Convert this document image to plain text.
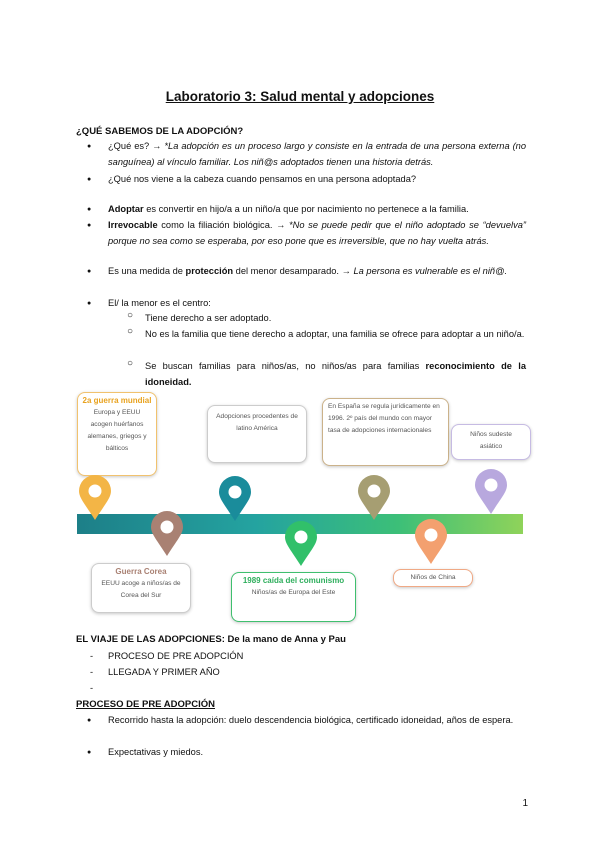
Laboratorio 3: Salud mental y adopciones
¿QUÉ SABEMOS DE LA ADOPCIÓN?
● ¿Qué es? → *La adopción es un proceso largo y consiste en la entrada de una persona externa (no sanguínea) al vínculo familiar. Los niñ@s adoptados tienen una historia detrás.
● ¿Qué nos viene a la cabeza cuando pensamos en una persona adoptada?
● Adoptar es convertir en hijo/a a un niño/a que por nacimiento no pertenece a la familia.
● Irrevocable como la filiación biológica. → *No se puede pedir que el niño adoptado se “devuelva” porque no sea como se esperaba, por eso pone que es irreversible, que no hay vuelta atrás.
● Es una medida de protección del menor desamparado. → La persona es vulnerable es el niñ@.
● El/ la menor es el centro:
○ Tiene derecho a ser adoptado.
○ No es la familia que tiene derecho a adoptar, una familia se ofrece para adoptar a un niño/a.
○ Se buscan familias para niños/as, no niños/as para familias reconocimiento de la idoneidad.
2a guerra mundial
Europa y EEUU acogen huérfanos alemanes, griegos y bálticos
Guerra Corea
EEUU acoge a niños/as de Corea del Sur
Adopciones procedentes de latino América
1989 caída del comunismo
Niños/as de Europa del Este
En España se regula jurídicamente en 1996. 2º país del mundo con mayor tasa de adopciones internacionales
Niños de China
Niños sudeste asiático
EL VIAJE DE LAS ADOPCIONES: De la mano de Anna y Pau
- PROCESO DE PRE ADOPCIÓN
- LLEGADA Y PRIMER AÑO
-
PROCESO DE PRE ADOPCIÓN
● Recorrido hasta la adopción: duelo descendencia biológica, certificado idoneidad, años de espera.
● Expectativas y miedos.
1
